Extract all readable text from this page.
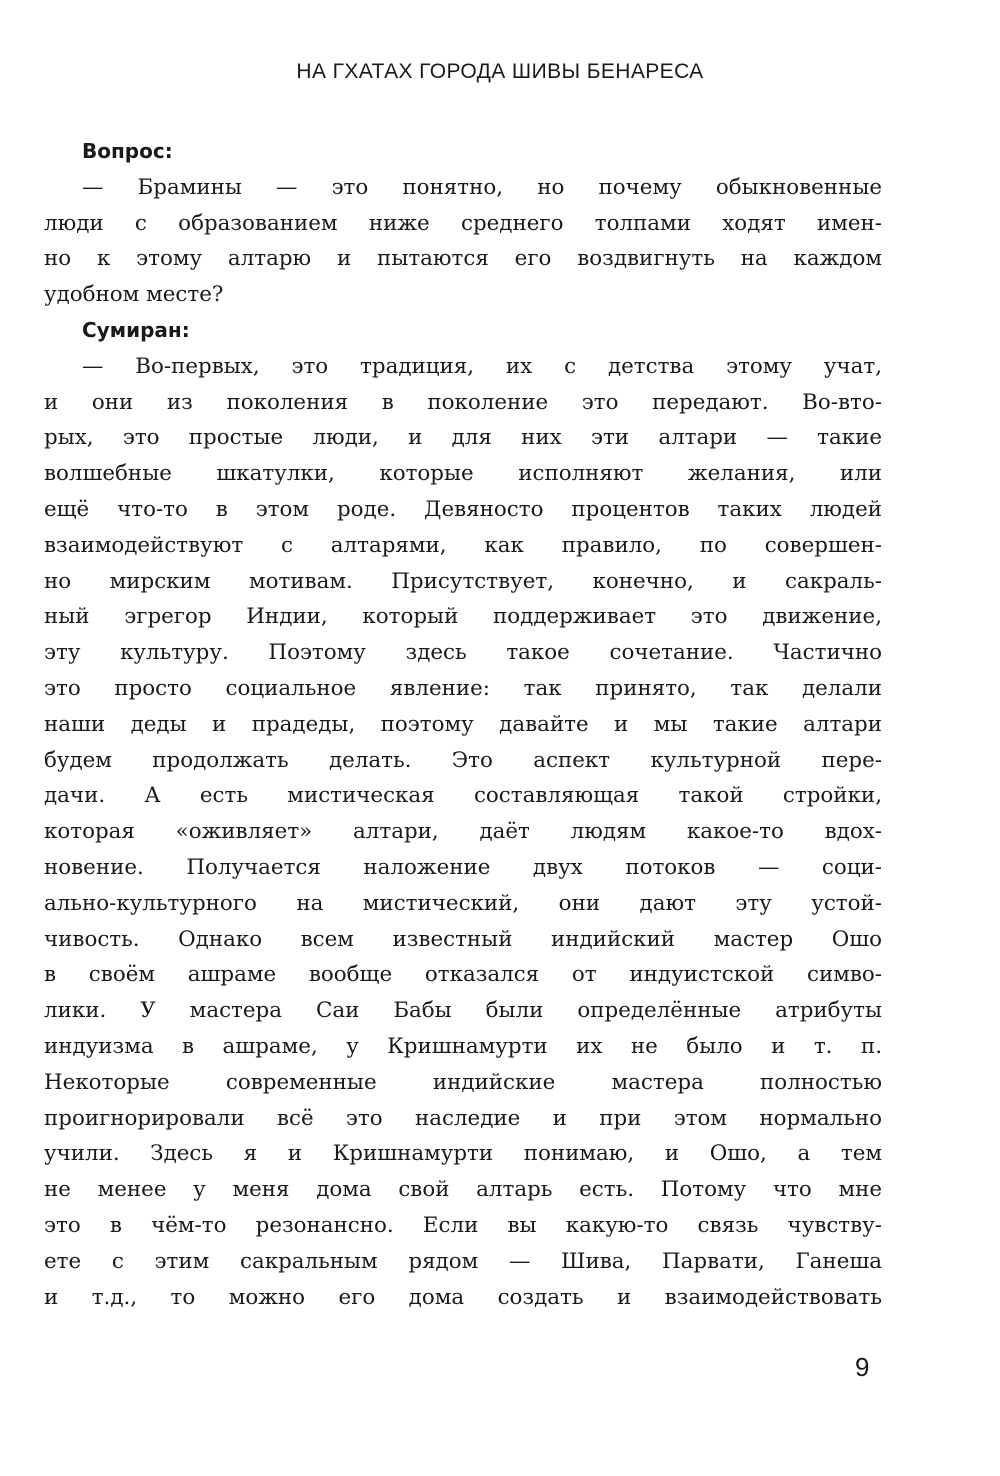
НА ГХАТАХ ГОРОДА ШИВЫ БЕНАРЕСА
Вопрос:
— Брамины — это понятно, но почему обыкновенные
люди с образованием ниже среднего толпами ходят имен-
но к этому алтарю и пытаются его воздвигнуть на каждом
удобном месте?
Сумиран:
— Во-первых, это традиция, их с детства этому учат,
и они из поколения в поколение это передают. Во-вто-
рых, это простые люди, и для них эти алтари — такие
волшебные шкатулки, которые исполняют желания, или
ещё что-то в этом роде. Девяносто процентов таких людей
взаимодействуют с алтарями, как правило, по совершен-
но мирским мотивам. Присутствует, конечно, и сакраль-
ный эгрегор Индии, который поддерживает это движение,
эту культуру. Поэтому здесь такое сочетание. Частично
это просто социальное явление: так принято, так делали
наши деды и прадеды, поэтому давайте и мы такие алтари
будем продолжать делать. Это аспект культурной пере-
дачи. А есть мистическая составляющая такой стройки,
которая «оживляет» алтари, даёт людям какое-то вдох-
новение. Получается наложение двух потоков — соци-
ально-культурного на мистический, они дают эту устой-
чивость. Однако всем известный индийский мастер Ошо
в своём ашраме вообще отказался от индуистской симво-
лики. У мастера Саи Бабы были определённые атрибуты
индуизма в ашраме, у Кришнамурти их не было и т. п.
Некоторые современные индийские мастера полностью
проигнорировали всё это наследие и при этом нормально
учили. Здесь я и Кришнамурти понимаю, и Ошо, а тем
не менее у меня дома свой алтарь есть. Потому что мне
это в чём-то резонансно. Если вы какую-то связь чувству-
ете с этим сакральным рядом — Шива, Парвати, Ганеша
и т.д., то можно его дома создать и взаимодействовать
9
